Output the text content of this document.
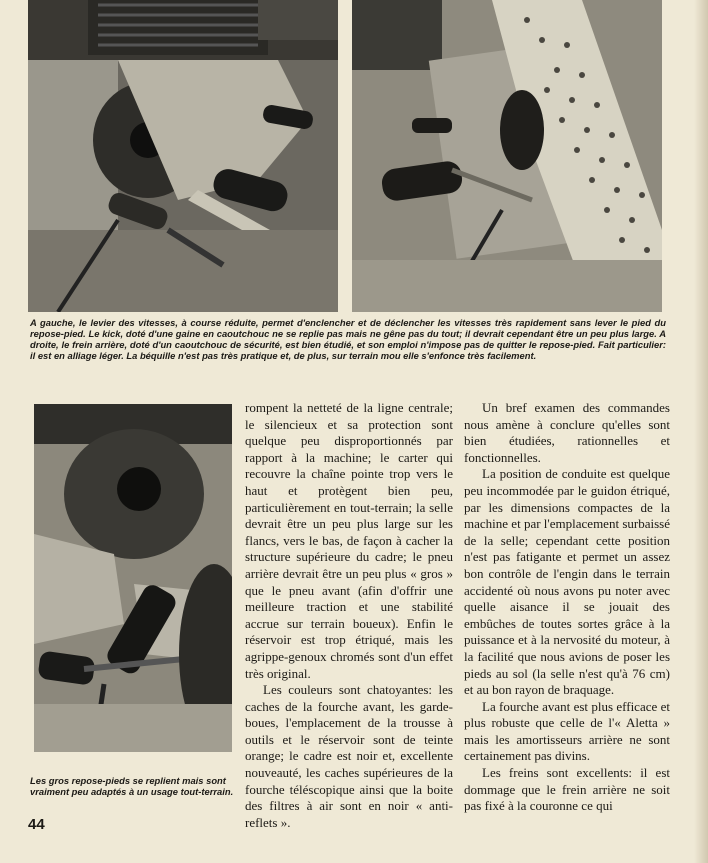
A gauche, le levier des vitesses, à course réduite, permet d'enclencher et de déclencher les vitesses très rapidement sans lever le pied du repose-pied. Le kick, doté d'une gaine en caoutchouc ne se replie pas mais ne gêne pas du tout; il devrait cependant être un peu plus large. A droite, le frein arrière, doté d'un caoutchouc de sécurité, est bien étudié, et son emploi n'impose pas de quitter le repose-pied. Fait particulier: il est en alliage léger. La béquille n'est pas très pratique et, de plus, sur terrain mou elle s'enfonce très facilement.

Les gros repose-pieds se replient mais sont vraiment peu adaptés à un usage tout-terrain.

rompent la netteté de la ligne centrale; le silencieux et sa protection sont quelque peu disproportionnés par rapport à la machine; le carter qui recouvre la chaîne pointe trop vers le haut et protègent bien peu, particulièrement en tout-terrain; la selle devrait être un peu plus large sur les flancs, vers le bas, de façon à cacher la structure supérieure du cadre; le pneu arrière devrait être un peu plus « gros » que le pneu avant (afin d'offrir une meilleure traction et une stabilité accrue sur terrain boueux). Enfin le réservoir est trop étriqué, mais les agrippe-genoux chromés sont d'un effet très original.

Les couleurs sont chatoyantes: les caches de la fourche avant, les garde-boues, l'emplacement de la trousse à outils et le réservoir sont de teinte orange; le cadre est noir et, excellente nouveauté, les caches supérieures de la fourche téléscopique ainsi que la boite des filtres à air sont en noir « anti-reflets ».

Un bref examen des commandes nous amène à conclure qu'elles sont bien étudiées, rationnelles et fonctionnelles.

La position de conduite est quelque peu incommodée par le guidon étriqué, par les dimensions compactes de la machine et par l'emplacement surbaissé de la selle; cependant cette position n'est pas fatigante et permet un assez bon contrôle de l'engin dans le terrain accidenté où nous avons pu noter avec quelle aisance il se jouait des embûches de toutes sortes grâce à la puissance et à la nervosité du moteur, à la facilité que nous avions de poser les pieds au sol (la selle n'est qu'à 76 cm) et au bon rayon de braquage.

La fourche avant est plus efficace et plus robuste que celle de l'« Aletta » mais les amortisseurs arrière ne sont certainement pas divins.

Les freins sont excellents: il est dommage que le frein arrière ne soit pas fixé à la couronne ce qui

44
